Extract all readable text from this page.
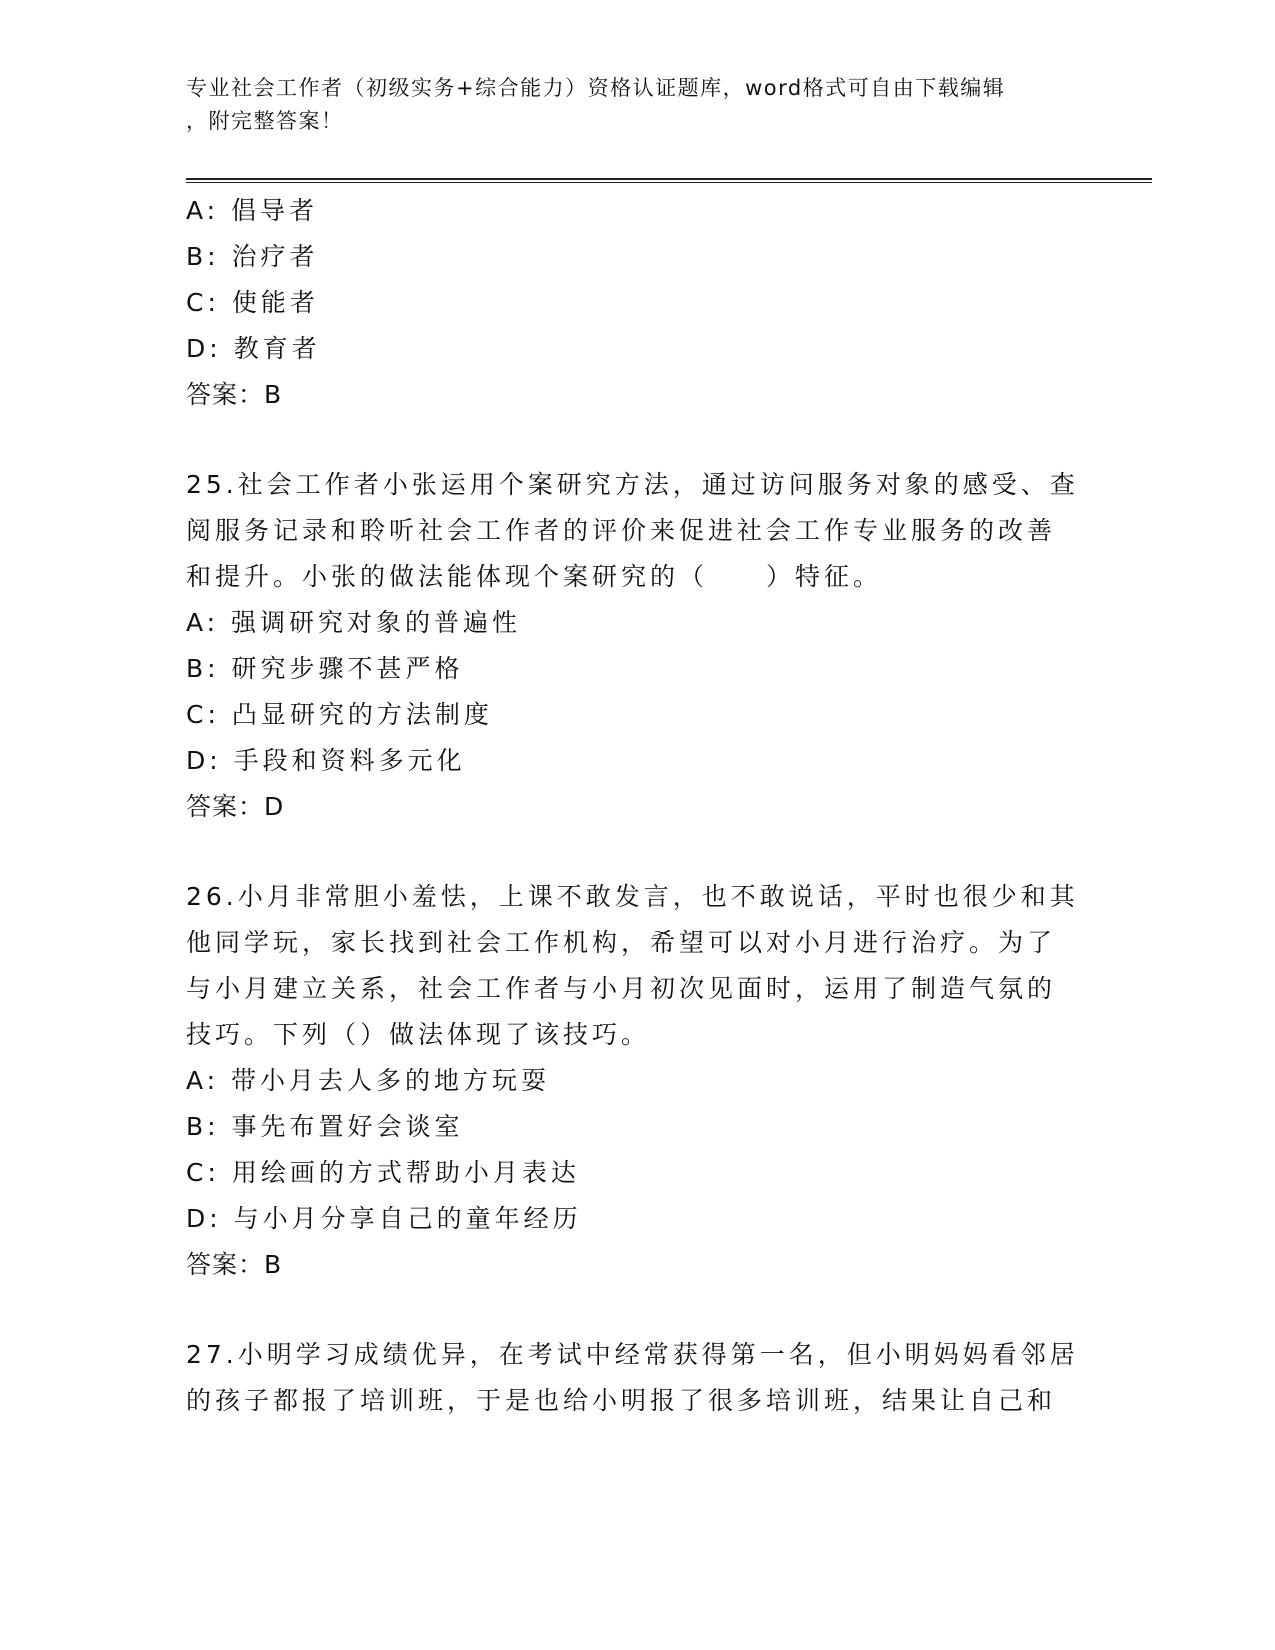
专业社会工作者（初级实务+综合能力）资格认证题库，word格式可自由下载编辑
，附完整答案！
A: 倡导者
B: 治疗者
C: 使能者
D: 教育者
答案：B
25.社会工作者小张运用个案研究方法，通过访问服务对象的感受、查
阅服务记录和聆听社会工作者的评价来促进社会工作专业服务的改善
和提升。小张的做法能体现个案研究的（　　）特征。
A: 强调研究对象的普遍性
B: 研究步骤不甚严格
C: 凸显研究的方法制度
D: 手段和资料多元化
答案：D
26.小月非常胆小羞怯，上课不敢发言，也不敢说话，平时也很少和其
他同学玩，家长找到社会工作机构，希望可以对小月进行治疗。为了
与小月建立关系，社会工作者与小月初次见面时，运用了制造气氛的
技巧。下列（）做法体现了该技巧。
A: 带小月去人多的地方玩耍
B: 事先布置好会谈室
C: 用绘画的方式帮助小月表达
D: 与小月分享自己的童年经历
答案：B
27.小明学习成绩优异，在考试中经常获得第一名，但小明妈妈看邻居
的孩子都报了培训班，于是也给小明报了很多培训班，结果让自己和
